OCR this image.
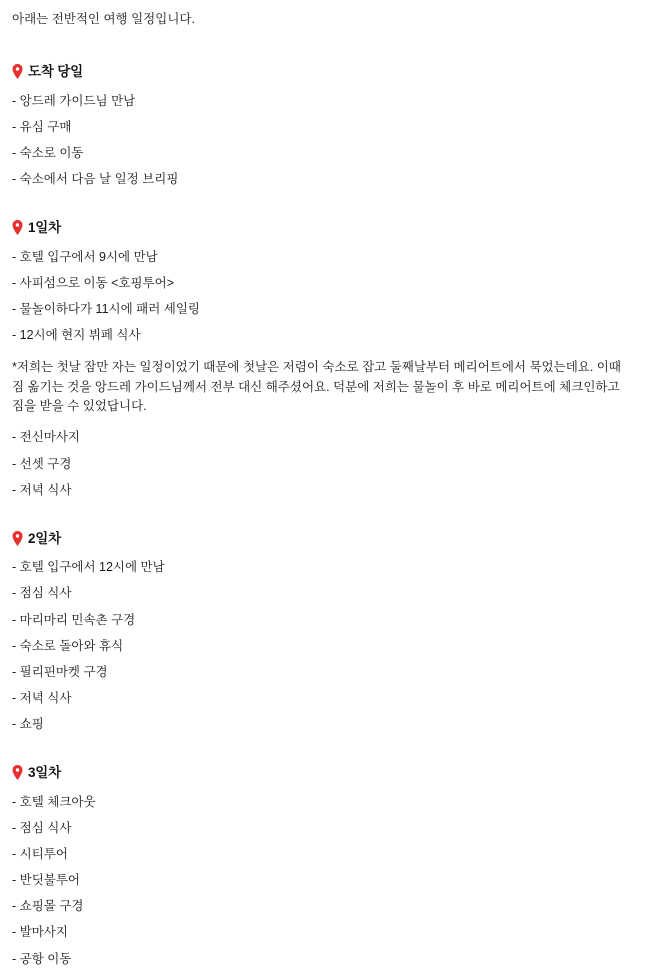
아래는 전반적인 여행 일정입니다.

도착 당일

- 앙드레 가이드님 만남

- 유심 구매

- 숙소로 이동

- 숙소에서 다음 날 일정 브리핑

1일차

- 호텔 입구에서 9시에 만남

- 사피섬으로 이동 <호핑투어>

- 물놀이하다가 11시에 패러 세일링

- 12시에 현지 뷔페 식사

*저희는 첫날 잠만 자는 일정이었기 때문에 첫날은 저렴이 숙소로 잡고 둘째날부터 메리어트에서 묵었는데요. 이때 짐 옮기는 것을 앙드레 가이드님께서 전부 대신 해주셨어요. 덕분에 저희는 물놀이 후 바로 메리어트에 체크인하고 짐을 받을 수 있었답니다.

- 전신마사지

- 선셋 구경

- 저녁 식사

2일차

- 호텔 입구에서 12시에 만남

- 점심 식사

- 마리마리 민속촌 구경

- 숙소로 돌아와 휴식

- 필리핀마켓 구경

- 저녁 식사

- 쇼핑

3일차

- 호텔 체크아웃

- 점심 식사

- 시티투어

- 반딧불투어

- 쇼핑몰 구경

- 발마사지

- 공항 이동
